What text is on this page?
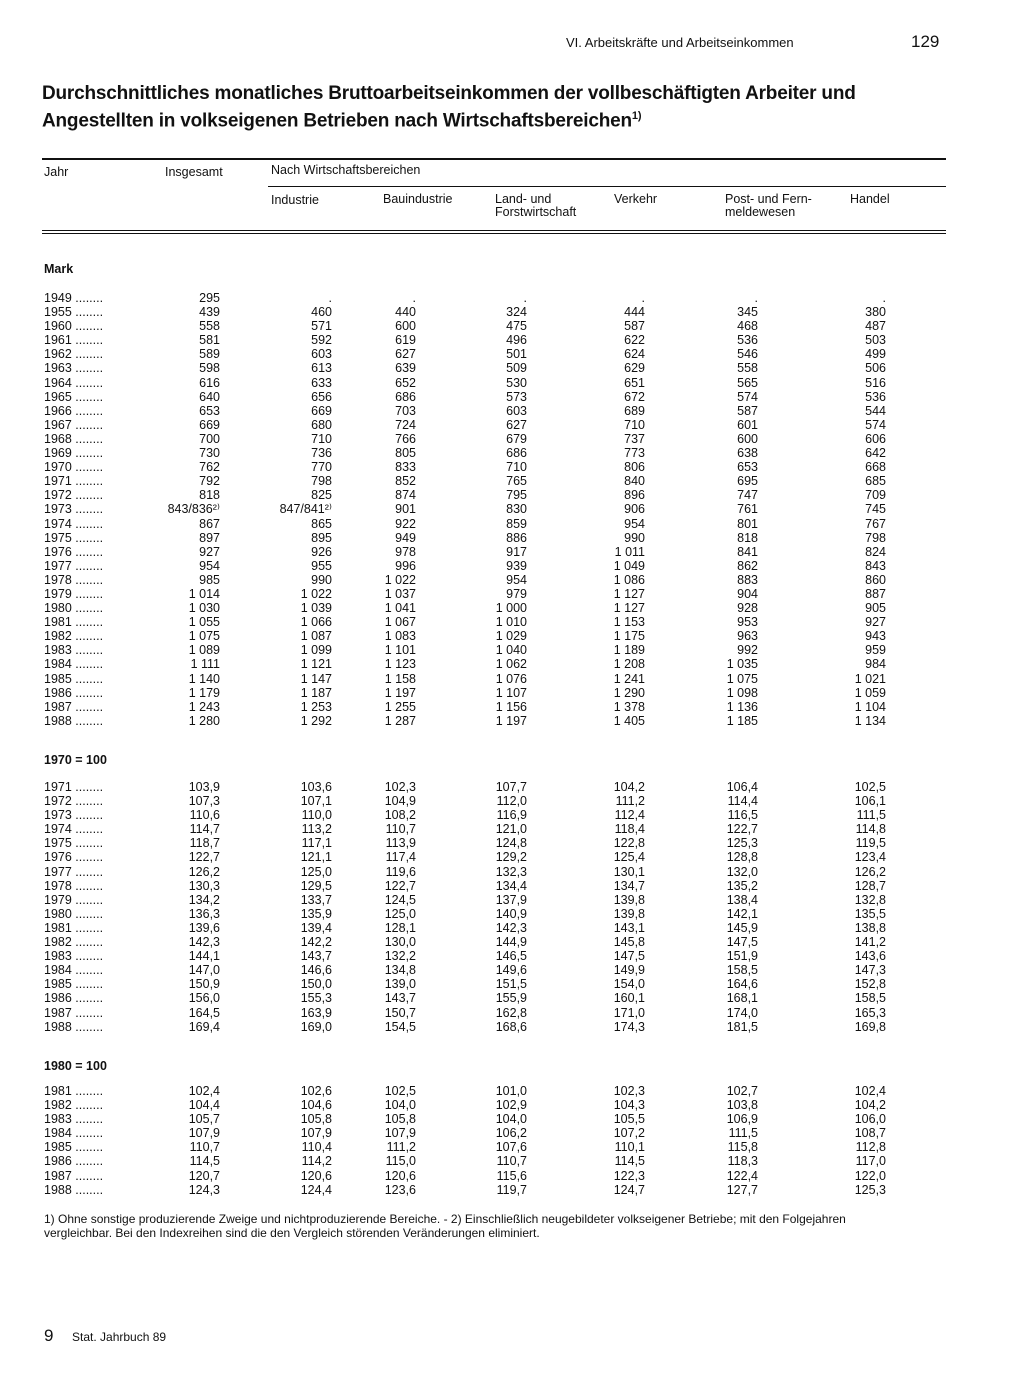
VI. Arbeitskräfte und Arbeitseinkommen	129
Durchschnittliches monatliches Bruttoarbeitseinkommen der vollbeschäftigten Arbeiter und
Angestellten in volkseigenen Betrieben nach Wirtschaftsbereichen$^{1)}$
Jahr	Insgesamt	Nach Wirtschaftsbereichen
Industrie	Bauindustrie	Land- und
Forstwirtschaft
Verkehr	Post- und Fern-
meldewesen
Handel
Mark
1949 ........	295	.	.	.	.	.	.
1955 ........	439	460	440	324	444	345	380
1960 ........	558	571	600	475	587	468	487
1961 ........	581	592	619	496	622	536	503
1962 ........	589	603	627	501	624	546	499
1963 ........	598	613	639	509	629	558	506
1964 ........	616	633	652	530	651	565	516
1965 ........	640	656	686	573	672	574	536
1966 ........	653	669	703	603	689	587	544
1967 ........	669	680	724	627	710	601	574
1968 ........	700	710	766	679	737	600	606
1969 ........	730	736	805	686	773	638	642
1970 ........	762	770	833	710	806	653	668
1971 ........	792	798	852	765	840	695	685
1972 ........	818	825	874	795	896	747	709
1973 ........	843/836²⁾	847/841²⁾	901	830	906	761	745
1974 ........	867	865	922	859	954	801	767
1975 ........	897	895	949	886	990	818	798
1976 ........	927	926	978	917	1 011	841	824
1977 ........	954	955	996	939	1 049	862	843
1978 ........	985	990	1 022	954	1 086	883	860
1979 ........	1 014	1 022	1 037	979	1 127	904	887
1980 ........	1 030	1 039	1 041	1 000	1 127	928	905
1981 ........	1 055	1 066	1 067	1 010	1 153	953	927
1982 ........	1 075	1 087	1 083	1 029	1 175	963	943
1983 ........	1 089	1 099	1 101	1 040	1 189	992	959
1984 ........	1 111	1 121	1 123	1 062	1 208	1 035	984
1985 ........	1 140	1 147	1 158	1 076	1 241	1 075	1 021
1986 ........	1 179	1 187	1 197	1 107	1 290	1 098	1 059
1987 ........	1 243	1 253	1 255	1 156	1 378	1 136	1 104
1988 ........	1 280	1 292	1 287	1 197	1 405	1 185	1 134
1970 = 100
1971 ........	103,9	103,6	102,3	107,7	104,2	106,4	102,5
1972 ........	107,3	107,1	104,9	112,0	111,2	114,4	106,1
1973 ........	110,6	110,0	108,2	116,9	112,4	116,5	111,5
1974 ........	114,7	113,2	110,7	121,0	118,4	122,7	114,8
1975 ........	118,7	117,1	113,9	124,8	122,8	125,3	119,5
1976 ........	122,7	121,1	117,4	129,2	125,4	128,8	123,4
1977 ........	126,2	125,0	119,6	132,3	130,1	132,0	126,2
1978 ........	130,3	129,5	122,7	134,4	134,7	135,2	128,7
1979 ........	134,2	133,7	124,5	137,9	139,8	138,4	132,8
1980 ........	136,3	135,9	125,0	140,9	139,8	142,1	135,5
1981 ........	139,6	139,4	128,1	142,3	143,1	145,9	138,8
1982 ........	142,3	142,2	130,0	144,9	145,8	147,5	141,2
1983 ........	144,1	143,7	132,2	146,5	147,5	151,9	143,6
1984 ........	147,0	146,6	134,8	149,6	149,9	158,5	147,3
1985 ........	150,9	150,0	139,0	151,5	154,0	164,6	152,8
1986 ........	156,0	155,3	143,7	155,9	160,1	168,1	158,5
1987 ........	164,5	163,9	150,7	162,8	171,0	174,0	165,3
1988 ........	169,4	169,0	154,5	168,6	174,3	181,5	169,8
1980 = 100
1981 ........	102,4	102,6	102,5	101,0	102,3	102,7	102,4
1982 ........	104,4	104,6	104,0	102,9	104,3	103,8	104,2
1983 ........	105,7	105,8	105,8	104,0	105,5	106,9	106,0
1984 ........	107,9	107,9	107,9	106,2	107,2	111,5	108,7
1985 ........	110,7	110,4	111,2	107,6	110,1	115,8	112,8
1986 ........	114,5	114,2	115,0	110,7	114,5	118,3	117,0
1987 ........	120,7	120,6	120,6	115,6	122,3	122,4	122,0
1988 ........	124,3	124,4	123,6	119,7	124,7	127,7	125,3
1) Ohne sonstige produzierende Zweige und nichtproduzierende Bereiche. - 2) Einschließlich neugebildeter volkseigener Betriebe; mit den Folgejahren
vergleichbar. Bei den Indexreihen sind die den Vergleich störenden Veränderungen eliminiert.
9 Stat. Jahrbuch 89
